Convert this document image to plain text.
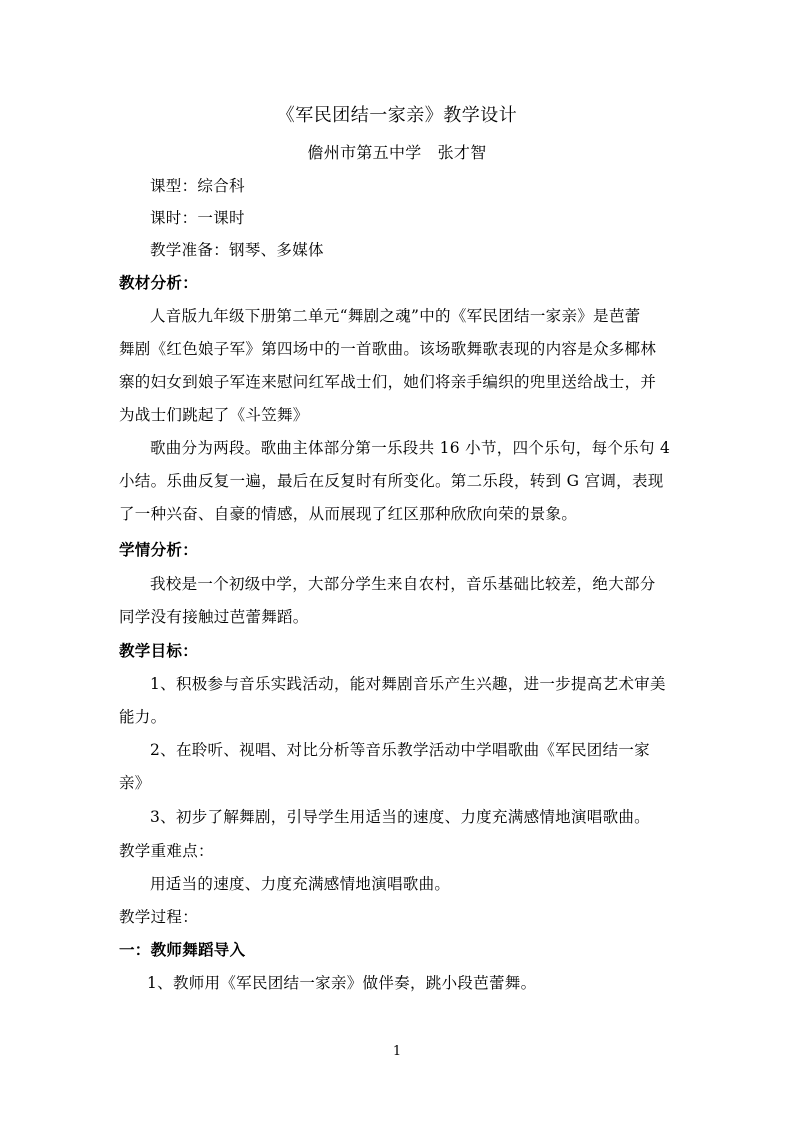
《军民团结一家亲》教学设计
儋州市第五中学 张才智
课型：综合科
课时：一课时
教学准备：钢琴、多媒体
教材分析：
人音版九年级下册第二单元“舞剧之魂”中的《军民团结一家亲》是芭蕾
舞剧《红色娘子军》第四场中的一首歌曲。该场歌舞歌表现的内容是众多椰林
寨的妇女到娘子军连来慰问红军战士们，她们将亲手编织的兜里送给战士，并
为战士们跳起了《斗笠舞》
歌曲分为两段。歌曲主体部分第一乐段共 16 小节，四个乐句，每个乐句 4
小结。乐曲反复一遍，最后在反复时有所变化。第二乐段，转到 G 宫调，表现
了一种兴奋、自豪的情感，从而展现了红区那种欣欣向荣的景象。
学情分析：
我校是一个初级中学，大部分学生来自农村，音乐基础比较差，绝大部分
同学没有接触过芭蕾舞蹈。
教学目标：
1、积极参与音乐实践活动，能对舞剧音乐产生兴趣，进一步提高艺术审美
能力。
2、在聆听、视唱、对比分析等音乐教学活动中学唱歌曲《军民团结一家
亲》
3、初步了解舞剧，引导学生用适当的速度、力度充满感情地演唱歌曲。
教学重难点：
用适当的速度、力度充满感情地演唱歌曲。
教学过程：
一：教师舞蹈导入
1、教师用《军民团结一家亲》做伴奏，跳小段芭蕾舞。
1
